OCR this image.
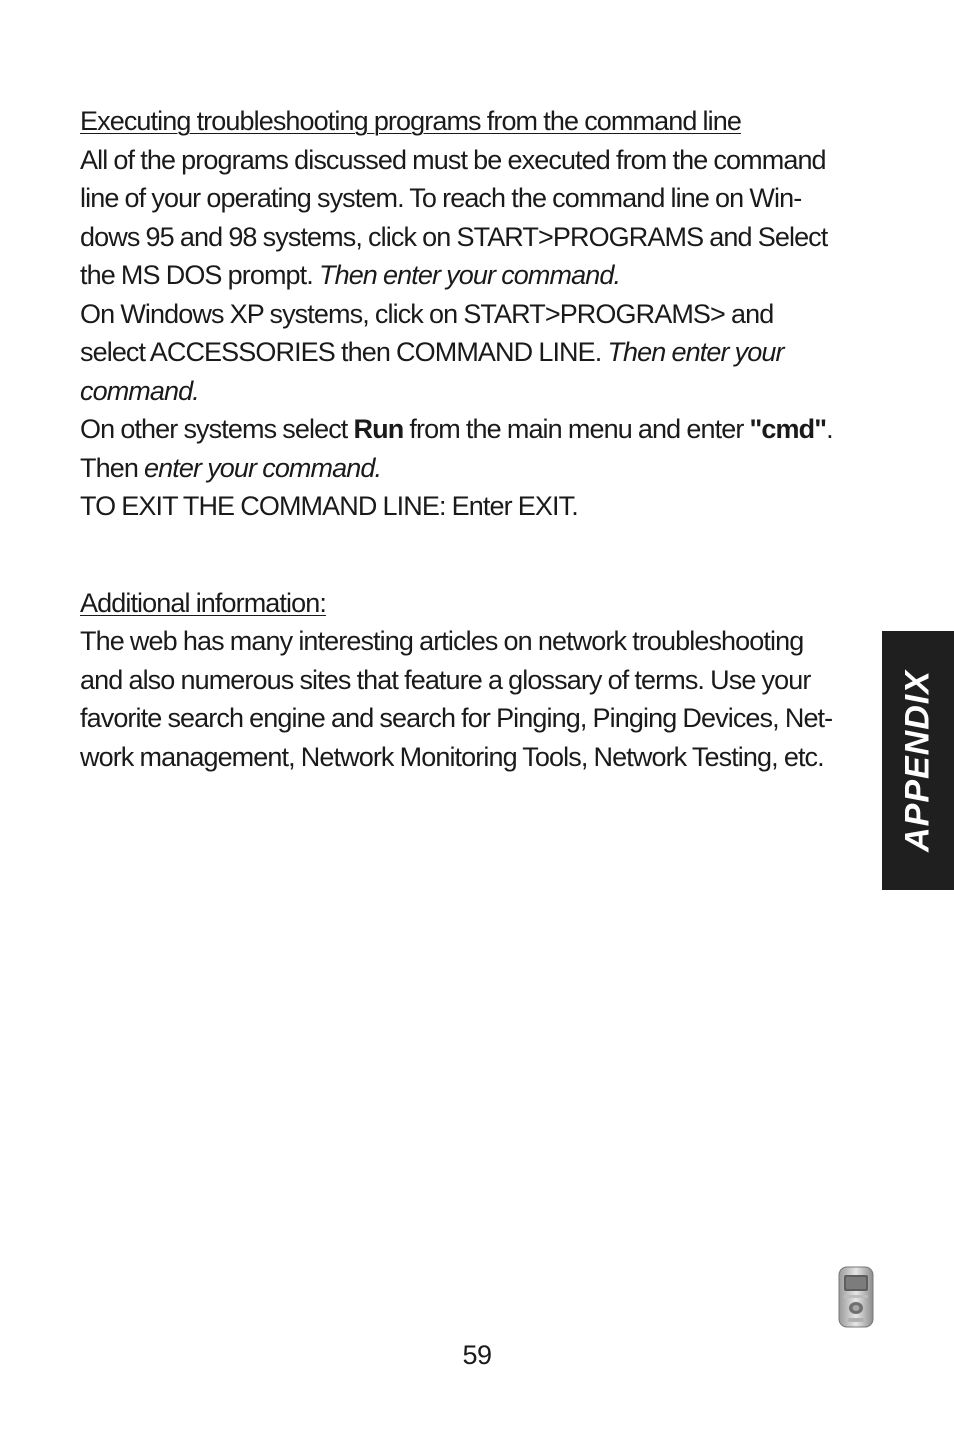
Executing troubleshooting programs from the command line
All of the programs discussed must be executed from the command
line of your operating system. To reach the command line on Win-
dows 95 and 98 systems, click on START>PROGRAMS and Select
the MS DOS prompt. Then enter your command.
On Windows XP systems, click on START>PROGRAMS> and
select ACCESSORIES then COMMAND LINE. Then enter your
command.
On other systems select Run from the main menu and enter "cmd".
Then enter your command.
TO EXIT THE COMMAND LINE: Enter EXIT.
Additional information:
The web has many interesting articles on network troubleshooting
and also numerous sites that feature a glossary of terms. Use your
favorite search engine and search for Pinging, Pinging Devices, Net-
work management, Network Monitoring Tools, Network Testing, etc.	APPENDIX
59
